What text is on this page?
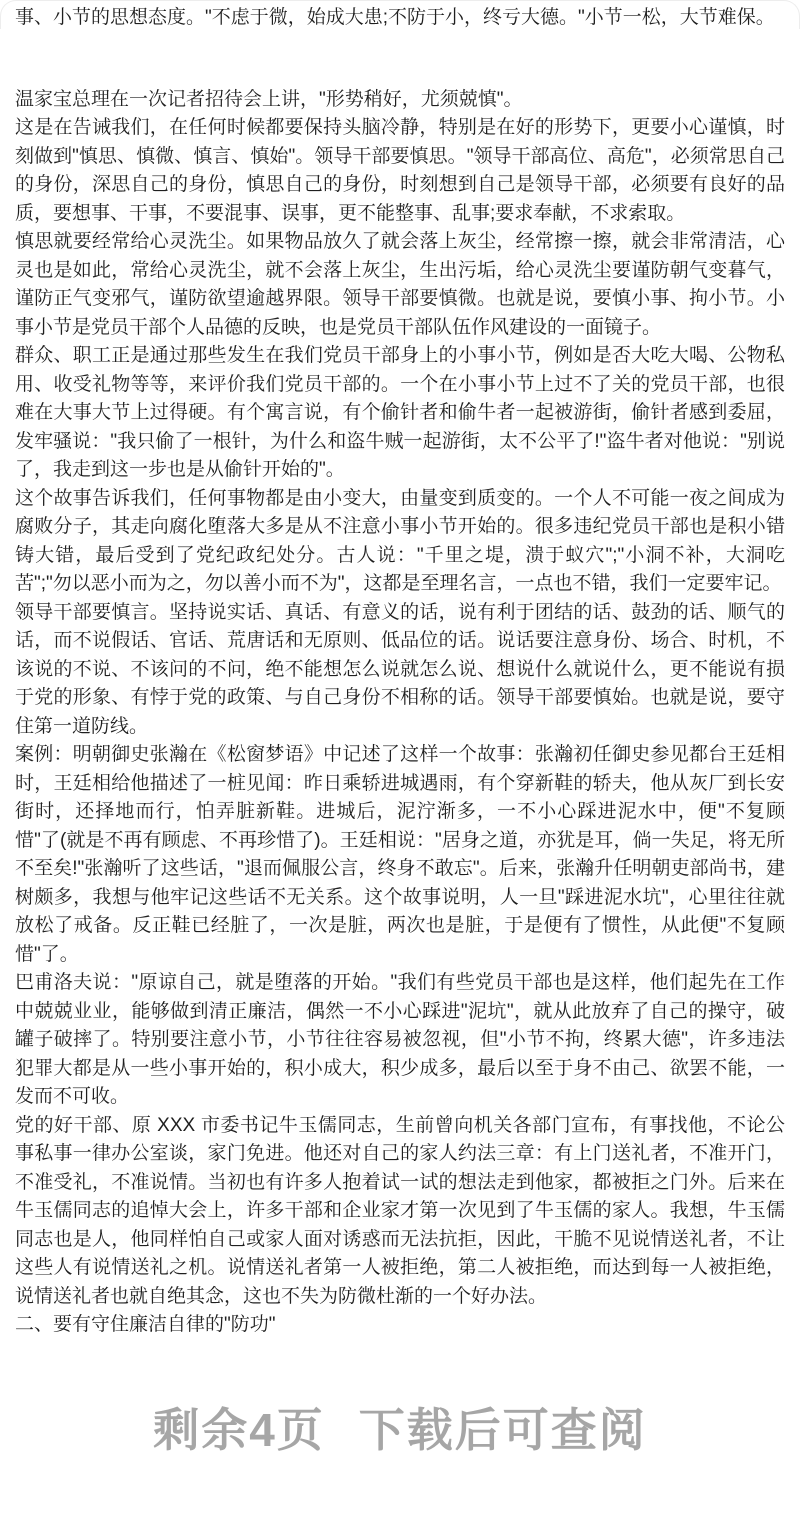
事、小节的思想态度。"不虑于微，始成大患;不防于小，终亏大德。"小节一松，大节难保。

温家宝总理在一次记者招待会上讲，"形势稍好，尤须兢慎"。

这是在告诫我们，在任何时候都要保持头脑冷静，特别是在好的形势下，更要小心谨慎，时刻做到"慎思、慎微、慎言、慎始"。领导干部要慎思。"领导干部高位、高危"，必须常思自己的身份，深思自己的身份，慎思自己的身份，时刻想到自己是领导干部，必须要有良好的品质，要想事、干事，不要混事、误事，更不能整事、乱事;要求奉献，不求索取。

慎思就要经常给心灵洗尘。如果物品放久了就会落上灰尘，经常擦一擦，就会非常清洁，心灵也是如此，常给心灵洗尘，就不会落上灰尘，生出污垢，给心灵洗尘要谨防朝气变暮气，谨防正气变邪气，谨防欲望逾越界限。领导干部要慎微。也就是说，要慎小事、拘小节。小事小节是党员干部个人品德的反映，也是党员干部队伍作风建设的一面镜子。

群众、职工正是通过那些发生在我们党员干部身上的小事小节，例如是否大吃大喝、公物私用、收受礼物等等，来评价我们党员干部的。一个在小事小节上过不了关的党员干部，也很难在大事大节上过得硬。有个寓言说，有个偷针者和偷牛者一起被游街，偷针者感到委屈，发牢骚说："我只偷了一根针，为什么和盗牛贼一起游街，太不公平了!"盗牛者对他说："别说了，我走到这一步也是从偷针开始的"。

这个故事告诉我们，任何事物都是由小变大，由量变到质变的。一个人不可能一夜之间成为腐败分子，其走向腐化堕落大多是从不注意小事小节开始的。很多违纪党员干部也是积小错铸大错，最后受到了党纪政纪处分。古人说："千里之堤，溃于蚁穴";"小洞不补，大洞吃苦";"勿以恶小而为之，勿以善小而不为"，这都是至理名言，一点也不错，我们一定要牢记。

领导干部要慎言。坚持说实话、真话、有意义的话，说有利于团结的话、鼓劲的话、顺气的话，而不说假话、官话、荒唐话和无原则、低品位的话。说话要注意身份、场合、时机，不该说的不说、不该问的不问，绝不能想怎么说就怎么说、想说什么就说什么，更不能说有损于党的形象、有悖于党的政策、与自己身份不相称的话。领导干部要慎始。也就是说，要守住第一道防线。

案例：明朝御史张瀚在《松窗梦语》中记述了这样一个故事：张瀚初任御史参见都台王廷相时，王廷相给他描述了一桩见闻：昨日乘轿进城遇雨，有个穿新鞋的轿夫，他从灰厂到长安街时，还择地而行，怕弄脏新鞋。进城后，泥泞渐多，一不小心踩进泥水中，便"不复顾惜"了(就是不再有顾虑、不再珍惜了)。王廷相说："居身之道，亦犹是耳，倘一失足，将无所不至矣!"张瀚听了这些话，"退而佩服公言，终身不敢忘"。后来，张瀚升任明朝吏部尚书，建树颇多，我想与他牢记这些话不无关系。这个故事说明，人一旦"踩进泥水坑"，心里往往就放松了戒备。反正鞋已经脏了，一次是脏，两次也是脏，于是便有了惯性，从此便"不复顾惜"了。

巴甫洛夫说："原谅自己，就是堕落的开始。"我们有些党员干部也是这样，他们起先在工作中兢兢业业，能够做到清正廉洁，偶然一不小心踩进"泥坑"，就从此放弃了自己的操守，破罐子破摔了。特别要注意小节，小节往往容易被忽视，但"小节不拘，终累大德"，许多违法犯罪大都是从一些小事开始的，积小成大，积少成多，最后以至于身不由己、欲罢不能，一发而不可收。

党的好干部、原 XXX 市委书记牛玉儒同志，生前曾向机关各部门宣布，有事找他，不论公事私事一律办公室谈，家门免进。他还对自己的家人约法三章：有上门送礼者，不准开门，不准受礼，不准说情。当初也有许多人抱着试一试的想法走到他家，都被拒之门外。后来在牛玉儒同志的追悼大会上，许多干部和企业家才第一次见到了牛玉儒的家人。我想，牛玉儒同志也是人，他同样怕自己或家人面对诱惑而无法抗拒，因此，干脆不见说情送礼者，不让这些人有说情送礼之机。说情送礼者第一人被拒绝，第二人被拒绝，而达到每一人被拒绝，说情送礼者也就自绝其念，这也不失为防微杜渐的一个好办法。

二、要有守住廉洁自律的"防功"

剩余4页 下载后可查阅
